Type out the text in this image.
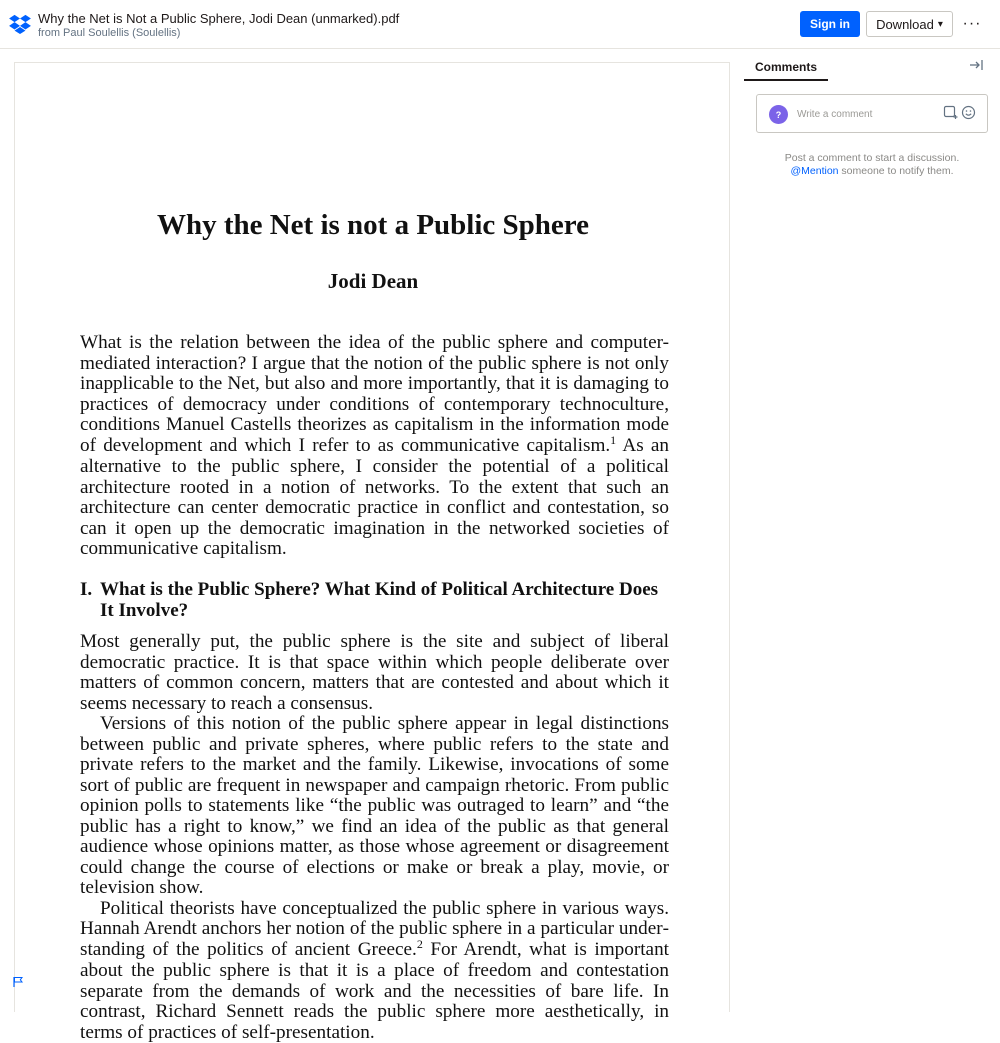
Why the Net is Not a Public Sphere, Jodi Dean (unmarked).pdf
from Paul Soulellis (Soulellis)
Sign in	Download ▾ ···
Why the Net is not a Public Sphere
Jodi Dean
What is the relation between the idea of the public sphere and computer-mediated interaction? I argue that the notion of the public sphere is not only inapplicable to the Net, but also and more importantly, that it is damaging to practices of democracy under conditions of contemporary technoculture, conditions Manuel Castells theorizes as capitalism in the information mode of development and which I refer to as communicative capitalism.$^1$ As an alternative to the public sphere, I consider the potential of a political architecture rooted in a notion of networks. To the extent that such an architecture can center democratic practice in conflict and contestation, so can it open up the democratic imagination in the networked societies of communicative capitalism.
I. What is the Public Sphere? What Kind of Political Architecture Does It Involve?

Most generally put, the public sphere is the site and subject of liberal democratic practice. It is that space within which people deliberate over matters of common concern, matters that are contested and about which it seems necessary to reach a consensus.

Versions of this notion of the public sphere appear in legal distinctions between public and private spheres, where public refers to the state and private refers to the market and the family. Likewise, invocations of some sort of public are frequent in newspaper and campaign rhetoric. From public opinion polls to statements like “the public was outraged to learn” and “the public has a right to know,” we find an idea of the public as that general audience whose opinions matter, as those whose agreement or disagreement could change the course of elections or make or break a play, movie, or television show.

Political theorists have conceptualized the public sphere in various ways. Hannah Arendt anchors her notion of the public sphere in a particular understanding of the politics of ancient Greece.$^2$ For Arendt, what is important about the public sphere is that it is a place of freedom and contestation separate from the demands of work and the necessities of bare life. In contrast, Richard Sennett reads the public sphere more aesthetically, in terms of practices of self-presentation.

Comments
?
Write a comment
Post a comment to start a discussion.
@Mention someone to notify them.
